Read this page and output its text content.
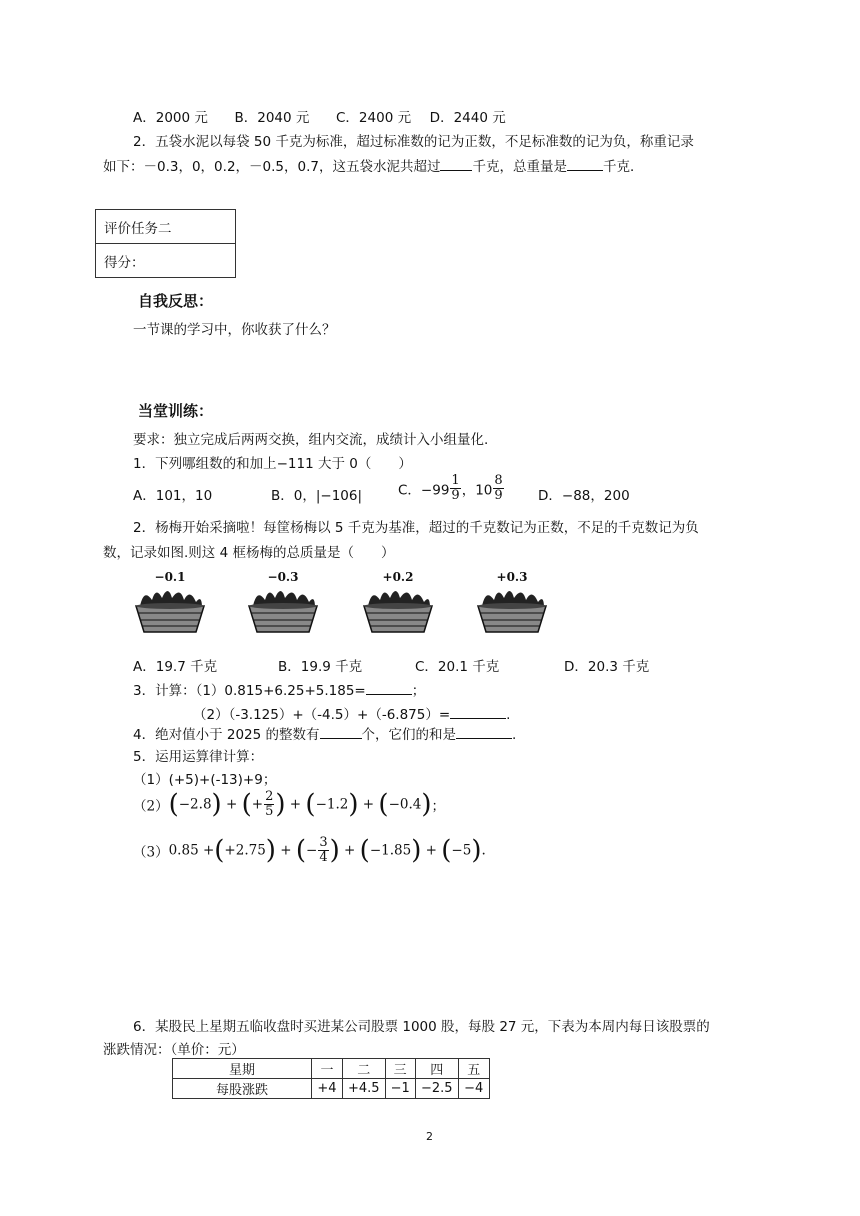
A．2000 元 B．2040 元 C．2400 元 D．2440 元
2．五袋水泥以每袋 50 千克为标准，超过标准数的记为正数，不足标准数的记为负，称重记录
如下：－0.3，0，0.2，－0.5，0.7，这五袋水泥共超过 千克，总重量是	千克．
评价任务二
得分：
自我反思：
一节课的学习中，你收获了什么？
当堂训练：
要求：独立完成后两两交换，组内交流，成绩计入小组量化.
1．下列哪组数的和加上−111 大于 0（　　）
A．101，10	B．0，|−106|	C．$-99 \frac{1}{9}$ ，$10 \frac{8}{9}$	D．−88，200
2．杨梅开始采摘啦！每筐杨梅以 5 千克为基准，超过的千克数记为正数，不足的千克数记为负
数，记录如图.则这 4 框杨梅的总质量是（　　）
−0.1	−0.3	+0.2	+0.3
A．19.7 千克	B．19.9 千克	C．20.1 千克	D．20.3 千克
3．计算：（1）0.815+6.25+5.185=	；
（2）（-3.125）+（-4.5）+（-6.875）=	.
4．绝对值小于 2025 的整数有	个，它们的和是	.
5．运用运算律计算：
（1）(+5)+(-13)+9；
（2）(−2.8) + (+ $\frac{2}{5}$ ) + (−1.2) + (−0.4)；
（3）0.85 +(+2.75) + (− $\frac{3}{4}$ ) + (−1.85) + (−5).
6．某股民上星期五临收盘时买进某公司股票 1000 股，每股 27 元，下表为本周内每日该股票的
涨跌情况：（单价：元）
星期	一	二	三	四	五
每股涨跌	+4	+4.5	−1	−2.5	−4
2
